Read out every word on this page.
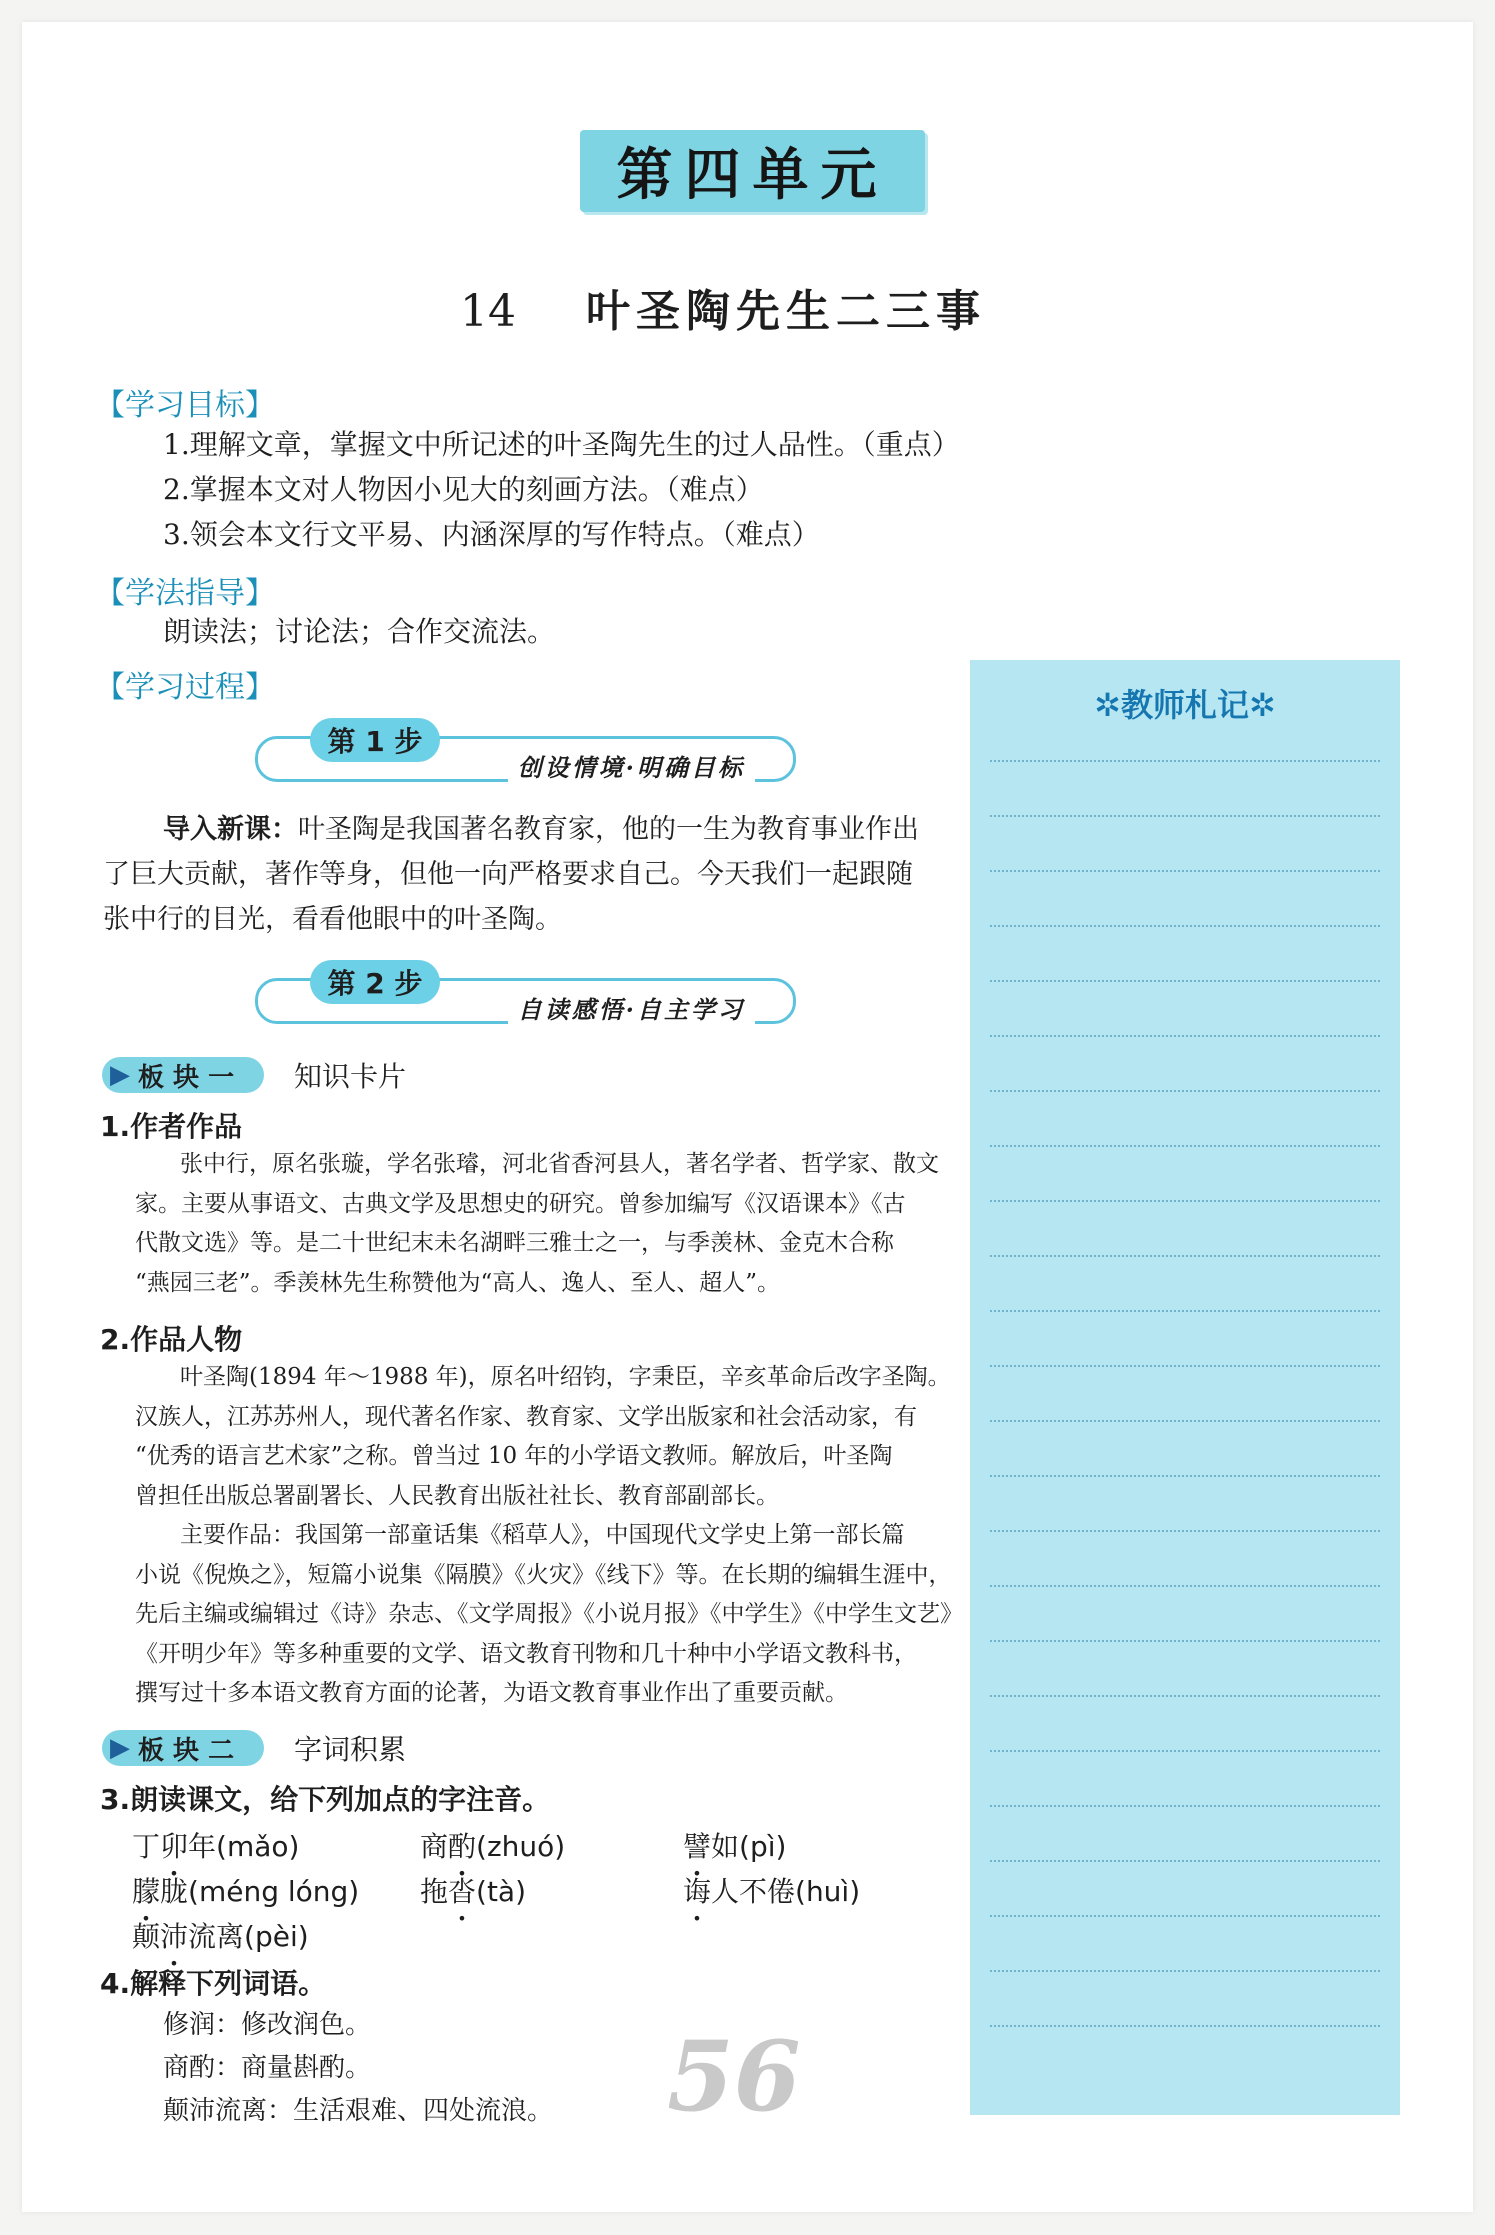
第四单元
14 叶圣陶先生二三事
【学习目标】
1.理解文章，掌握文中所记述的叶圣陶先生的过人品性。（重点）
2.掌握本文对人物因小见大的刻画方法。（难点）
3.领会本文行文平易、内涵深厚的写作特点。（难点）
【学法指导】
朗读法；讨论法；合作交流法。
【学习过程】
第 1 步
创设情境·明确目标
导入新课：叶圣陶是我国著名教育家，他的一生为教育事业作出
了巨大贡献，著作等身，但他一向严格要求自己。今天我们一起跟随
张中行的目光，看看他眼中的叶圣陶。
第 2 步
自读感悟·自主学习
▶ 板 块 一 知识卡片
1.作者作品
张中行，原名张璇，学名张璿，河北省香河县人，著名学者、哲学家、散文
家。主要从事语文、古典文学及思想史的研究。曾参加编写《汉语课本》《古
代散文选》等。是二十世纪末未名湖畔三雅士之一，与季羡林、金克木合称
“燕园三老”。季羡林先生称赞他为“高人、逸人、至人、超人”。
2.作品人物
叶圣陶(1894 年～1988 年)，原名叶绍钧，字秉臣，辛亥革命后改字圣陶。
汉族人，江苏苏州人，现代著名作家、教育家、文学出版家和社会活动家，有
“优秀的语言艺术家”之称。曾当过 10 年的小学语文教师。解放后，叶圣陶
曾担任出版总署副署长、人民教育出版社社长、教育部副部长。
主要作品：我国第一部童话集《稻草人》，中国现代文学史上第一部长篇
小说《倪焕之》，短篇小说集《隔膜》《火灾》《线下》等。在长期的编辑生涯中，
先后主编或编辑过《诗》杂志、《文学周报》《小说月报》《中学生》《中学生文艺》
《开明少年》等多种重要的文学、语文教育刊物和几十种中小学语文教科书，
撰写过十多本语文教育方面的论著，为语文教育事业作出了重要贡献。
▶ 板 块 二 字词积累
3.朗读课文，给下列加点的字注音。
丁卯年(mǎo)	商酌(zhuó)	譬如(pì)
朦胧(méng lóng) 拖沓(tà)	诲人不倦(huì)
颠沛流离(pèi)
4.解释下列词语。
修润：修改润色。
商酌：商量斟酌。
颠沛流离：生活艰难、四处流浪。 56
✲教师札记✲
